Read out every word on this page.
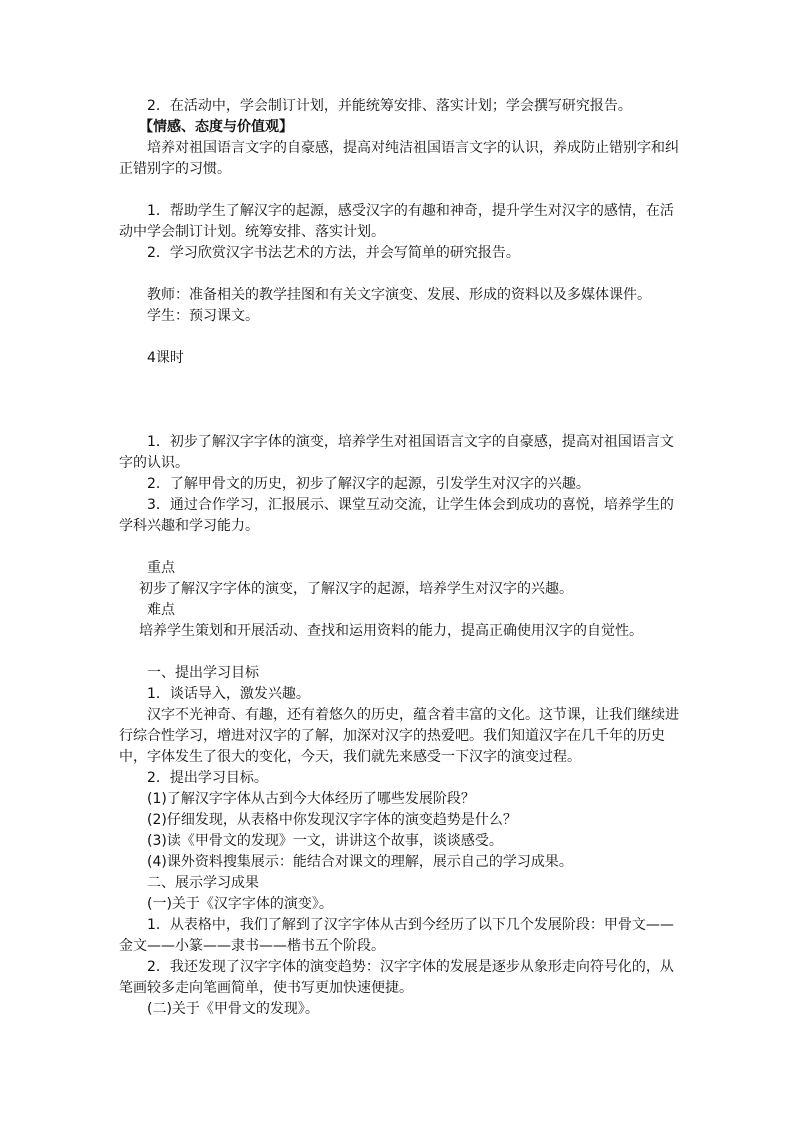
2．在活动中，学会制订计划，并能统筹安排、落实计划；学会撰写研究报告。

【情感、态度与价值观】

培养对祖国语言文字的自豪感，提高对纯洁祖国语言文字的认识，养成防止错别字和纠正错别字的习惯。

1．帮助学生了解汉字的起源，感受汉字的有趣和神奇，提升学生对汉字的感情，在活动中学会制订计划。统筹安排、落实计划。

2．学习欣赏汉字书法艺术的方法，并会写简单的研究报告。

教师：准备相关的教学挂图和有关文字演变、发展、形成的资料以及多媒体课件。

学生：预习课文。

4课时

1．初步了解汉字字体的演变，培养学生对祖国语言文字的自豪感，提高对祖国语言文字的认识。

2．了解甲骨文的历史，初步了解汉字的起源，引发学生对汉字的兴趣。

3．通过合作学习，汇报展示、课堂互动交流，让学生体会到成功的喜悦，培养学生的学科兴趣和学习能力。

重点

初步了解汉字字体的演变，了解汉字的起源，培养学生对汉字的兴趣。

难点

培养学生策划和开展活动、查找和运用资料的能力，提高正确使用汉字的自觉性。

一、提出学习目标

1．谈话导入，激发兴趣。

汉字不光神奇、有趣，还有着悠久的历史，蕴含着丰富的文化。这节课，让我们继续进行综合性学习，增进对汉字的了解，加深对汉字的热爱吧。我们知道汉字在几千年的历史中，字体发生了很大的变化，今天，我们就先来感受一下汉字的演变过程。

2．提出学习目标。

(1)了解汉字字体从古到今大体经历了哪些发展阶段？

(2)仔细发现，从表格中你发现汉字字体的演变趋势是什么？

(3)读《甲骨文的发现》一文，讲讲这个故事，谈谈感受。

(4)课外资料搜集展示：能结合对课文的理解，展示自己的学习成果。

二、展示学习成果

(一)关于《汉字字体的演变》。

1．从表格中，我们了解到了汉字字体从古到今经历了以下几个发展阶段：甲骨文——金文——小篆——隶书——楷书五个阶段。

2．我还发现了汉字字体的演变趋势：汉字字体的发展是逐步从象形走向符号化的，从笔画较多走向笔画简单，使书写更加快速便捷。

(二)关于《甲骨文的发现》。
